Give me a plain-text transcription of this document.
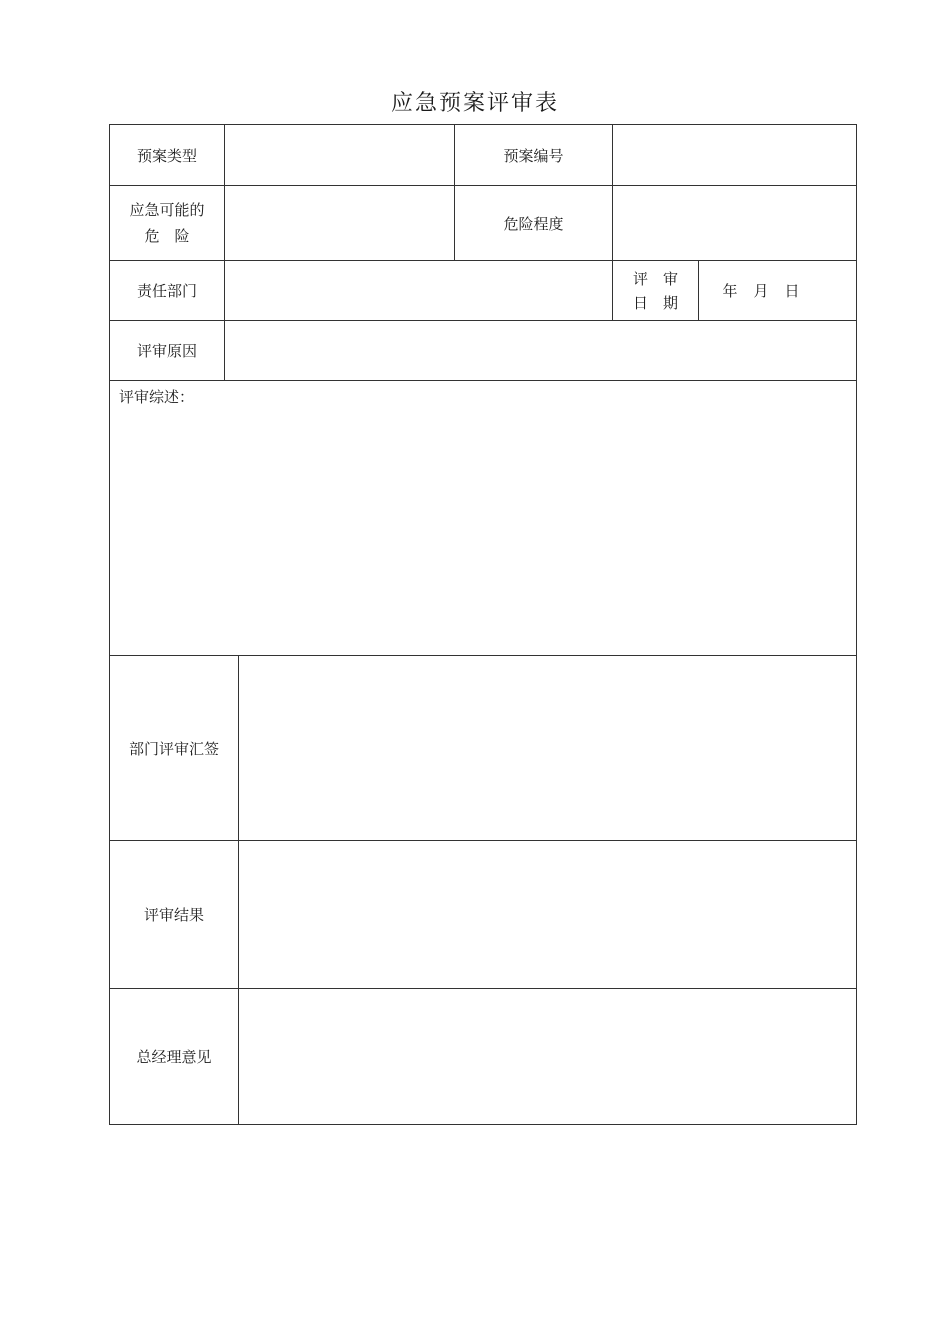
应急预案评审表
预案类型	预案编号
应急可能的
危　险
危险程度
责任部门
评　审
日　期
年 月 日
评审原因
评审综述：
部门评审汇签
评审结果
总经理意见
